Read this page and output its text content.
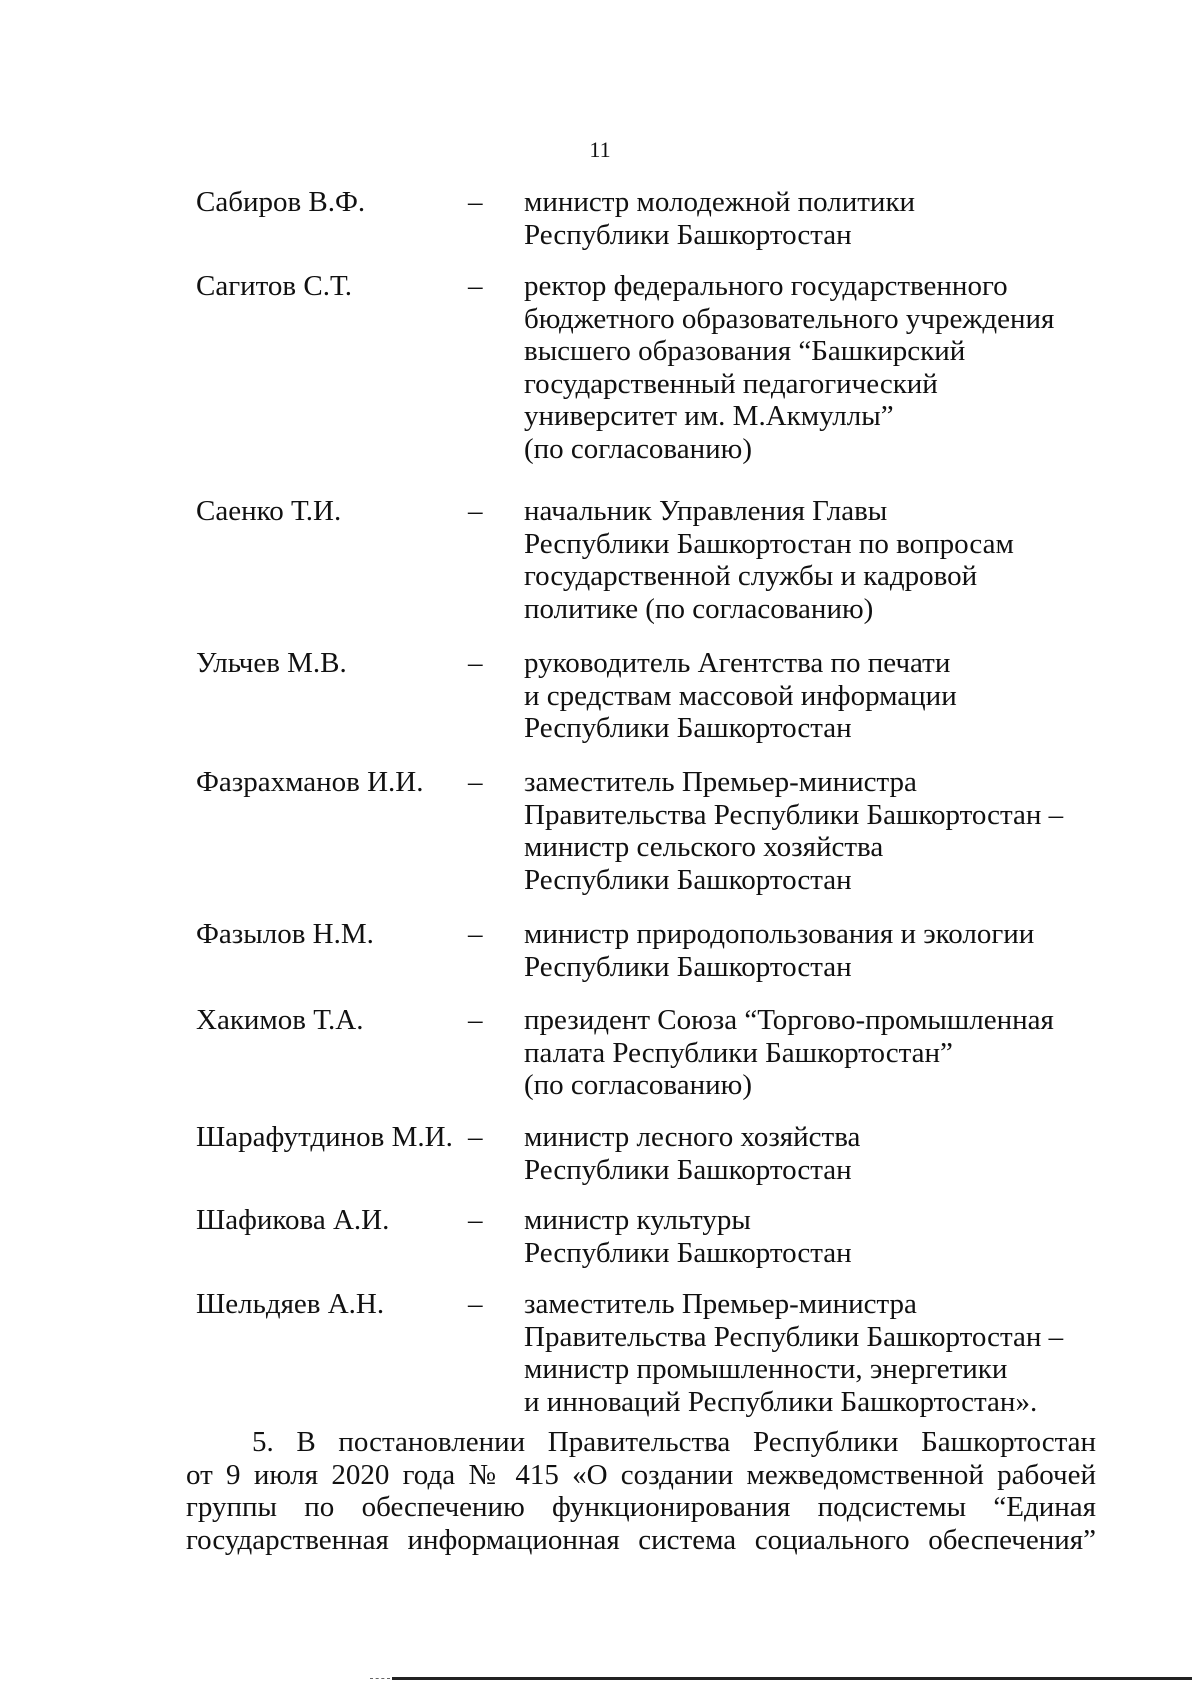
11
Сабиров В.Ф.	– министр молодежной политики
Республики Башкортостан
Сагитов С.Т.	– ректор федерального государственного
бюджетного образовательного учреждения
высшего образования “Башкирский
государственный педагогический
университет им. М.Акмуллы”
(по согласованию)
Саенко Т.И.	– начальник Управления Главы
Республики Башкортостан по вопросам
государственной службы и кадровой
политике (по согласованию)
Ульчев М.В.	– руководитель Агентства по печати
и средствам массовой информации
Республики Башкортостан
Фазрахманов И.И. – заместитель Премьер-министра
Правительства Республики Башкортостан –
министр сельского хозяйства
Республики Башкортостан
Фазылов Н.М.	– министр природопользования и экологии
Республики Башкортостан
Хакимов Т.А.	– президент Союза “Торгово-промышленная
палата Республики Башкортостан”
(по согласованию)
Шарафутдинов М.И. – министр лесного хозяйства
Республики Башкортостан
Шафикова А.И.	– министр культуры
Республики Башкортостан
Шельдяев А.Н.	– заместитель Премьер-министра
Правительства Республики Башкортостан –
министр промышленности, энергетики
и инноваций Республики Башкортостан».
5. В постановлении Правительства Республики Башкортостан
от 9 июля 2020 года № 415 «О создании межведомственной рабочей
группы по обеспечению функционирования подсистемы “Единая
государственная информационная система социального обеспечения”
